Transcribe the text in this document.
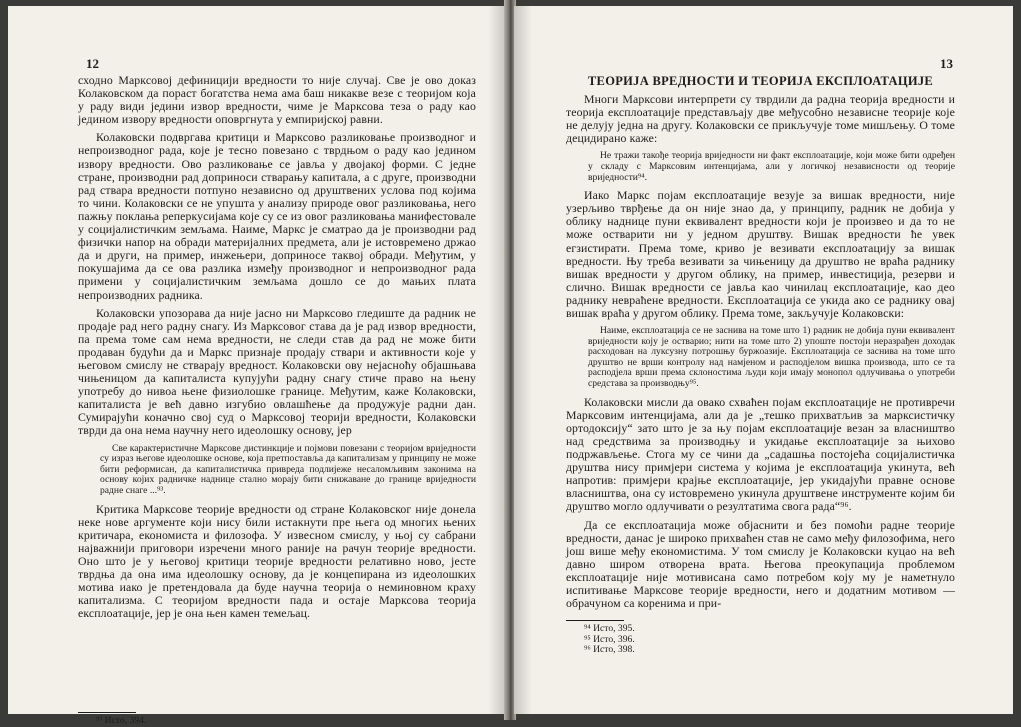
12

сходно Марксовој дефиницији вредности то није случај. Све је ово доказ Колаковском да пораст богатства нема ама баш никакве везе с теоријом која у раду види једини извор вредности, чиме је Марксова теза о раду као једином извору вредности оповргнута у емпиријској равни.

Колаковски подвргава критици и Марксово разликовање производног и непроизводног рада, које је тесно повезано с тврдњом о раду као једином извору вредности. Ово разликовање се јавља у двојакој форми. С једне стране, производни рад доприноси стварању капитала, а с друге, производни рад ствара вредности потпуно независно од друштвених услова под којима то чини. Колаковски се не упушта у анализу природе овог разликовања, него пажњу поклања реперкусијама које су се из овог разликовања манифестовале у социјалистичким земљама. Наиме, Маркс је сматрао да је производни рад физички напор на обради материјалних предмета, али је истовремено држао да и други, на пример, инжењери, доприносе таквој обради. Међутим, у покушајима да се ова разлика између производног и непроизводног рада примени у социјалистичким земљама дошло се до мањих плата непроизводних радника.

Колаковски упозорава да није јасно ни Марксово гледиште да радник не продаје рад него радну снагу. Из Марксовог става да је рад извор вредности, па према томе сам нема вредности, не следи став да рад не може бити продаван будући да и Маркс признаје продају ствари и активности које у његовом смислу не стварају вредност. Колаковски ову нејасноћу објашњава чињеницом да капиталиста купујући радну снагу стиче право на њену употребу до нивоа њене физиолошке границе. Међутим, каже Колаковски, капиталиста је већ давно изгубио овлашћење да продужује радни дан. Сумирајући коначно свој суд о Марксовој теорији вредности, Колаковски тврди да она нема научну него идеолошку основу, јер

Све карактеристичне Марксове дистинкције и појмови повезани с теоријом вриједности су израз његове идеолошке основе, која претпоставља да капитализам у принципу не може бити реформисан, да капиталистичка привреда подлијеже несаломљивим законима на основу којих радничке наднице стално морају бити снижаване до границе вриједности радне снаге ...⁹³.

Критика Марксове теорије вредности од стране Колаковског није донела неке нове аргументе који нису били истакнути пре њега од многих њених критичара, економиста и филозофа. У извесном смислу, у њој су сабрани најважнији приговори изречени много раније на рачун теорије вредности. Оно што је у његовој критици теорије вредности релативно ново, јесте тврдња да она има идеолошку основу, да је концепирана из идеолошких мотива иако је претендовала да буде научна теорија о неминовном краху капитализма. С теоријом вредности пада и остаје Марксова теорија експлоатације, јер је она њен камен темељац.

⁹³ Исто, 394.
13
ТЕОРИЈА ВРЕДНОСТИ И ТЕОРИЈА ЕКСПЛОАТАЦИЈЕ

Многи Марксови интерпрети су тврдили да радна теорија вредности и теорија експлоатације представљају две међусобно независне теорије које не делују једна на другу. Колаковски се прикључује томе мишљењу. О томе децидирано каже:

Не тражи такође теорија вриједности ни факт експлоатације, који може бити одређен у складу с Марксовим интенцијама, али у логичкој независности од теорије вриједности⁹⁴.

Иако Маркс појам експлоатације везује за вишак вредности, није узерљиво тврђење да он није знао да, у принципу, радник не добија у облику наднице пуни еквивалент вредности који је произвео и да то не може остварити ни у једном друштву. Вишак вредности ће увек егзистирати. Према томе, криво је везивати експлоатацију за вишак вредности. Њу треба везивати за чињеницу да друштво не враћа раднику вишак вредности у другом облику, на пример, инвестиција, резерви и слично. Вишак вредности се јавља као чинилац експлоатације, као део раднику невраћене вредности. Експлоатација се укида ако се раднику овај вишак враћа у другом облику. Према томе, закључује Колаковски:

Наиме, експлоатација се не заснива на томе што 1) радник не добија пуни еквивалент вриједности коју је остварио; нити на томе што 2) упоште постоји неразрађен доходак расходован на луксузну потрошњу буржоазије. Експлоатација се заснива на томе што друштво не врши контролу над намјеном и расподјелом вишка производа, што се та расподјела врши према склоностима људи који имају монопол одлучивања о употреби средстава за производњу⁹⁵.

Колаковски мисли да овако схваћен појам експлоатације не противречи Марксовим интенцијама, али да је „тешко прихватљив за марксистичку ортодоксију“ зато што је за њу појам експлоатације везан за власништво над средствима за производњу и укидање експлоатације за њихово подржављење. Стога му се чини да „садашња постојећа социјалистичка друштва нису примјери система у којима је експлоатација укинута, већ напротив: примјери крајње експлоатације, јер укидајући правне основе власништва, она су истовремено укинула друштвене инструменте којим би друштво могло одлучивати о резултатима свога рада“⁹⁶.

Да се експлоатација може објаснити и без помоћи радне теорије вредности, данас је широко прихваћен став не само међу филозофима, него још више међу економистима. У том смислу је Колаковски куцао на већ давно широм отворена врата. Његова преокупација проблемом експлоатације није мотивисана само потребом коју му је наметнуло испитивање Марксове теорије вредности, него и додатним мотивом — обрачуном са коренима и при-

⁹⁴ Исто, 395.
⁹⁵ Исто, 396.
⁹⁶ Исто, 398.
